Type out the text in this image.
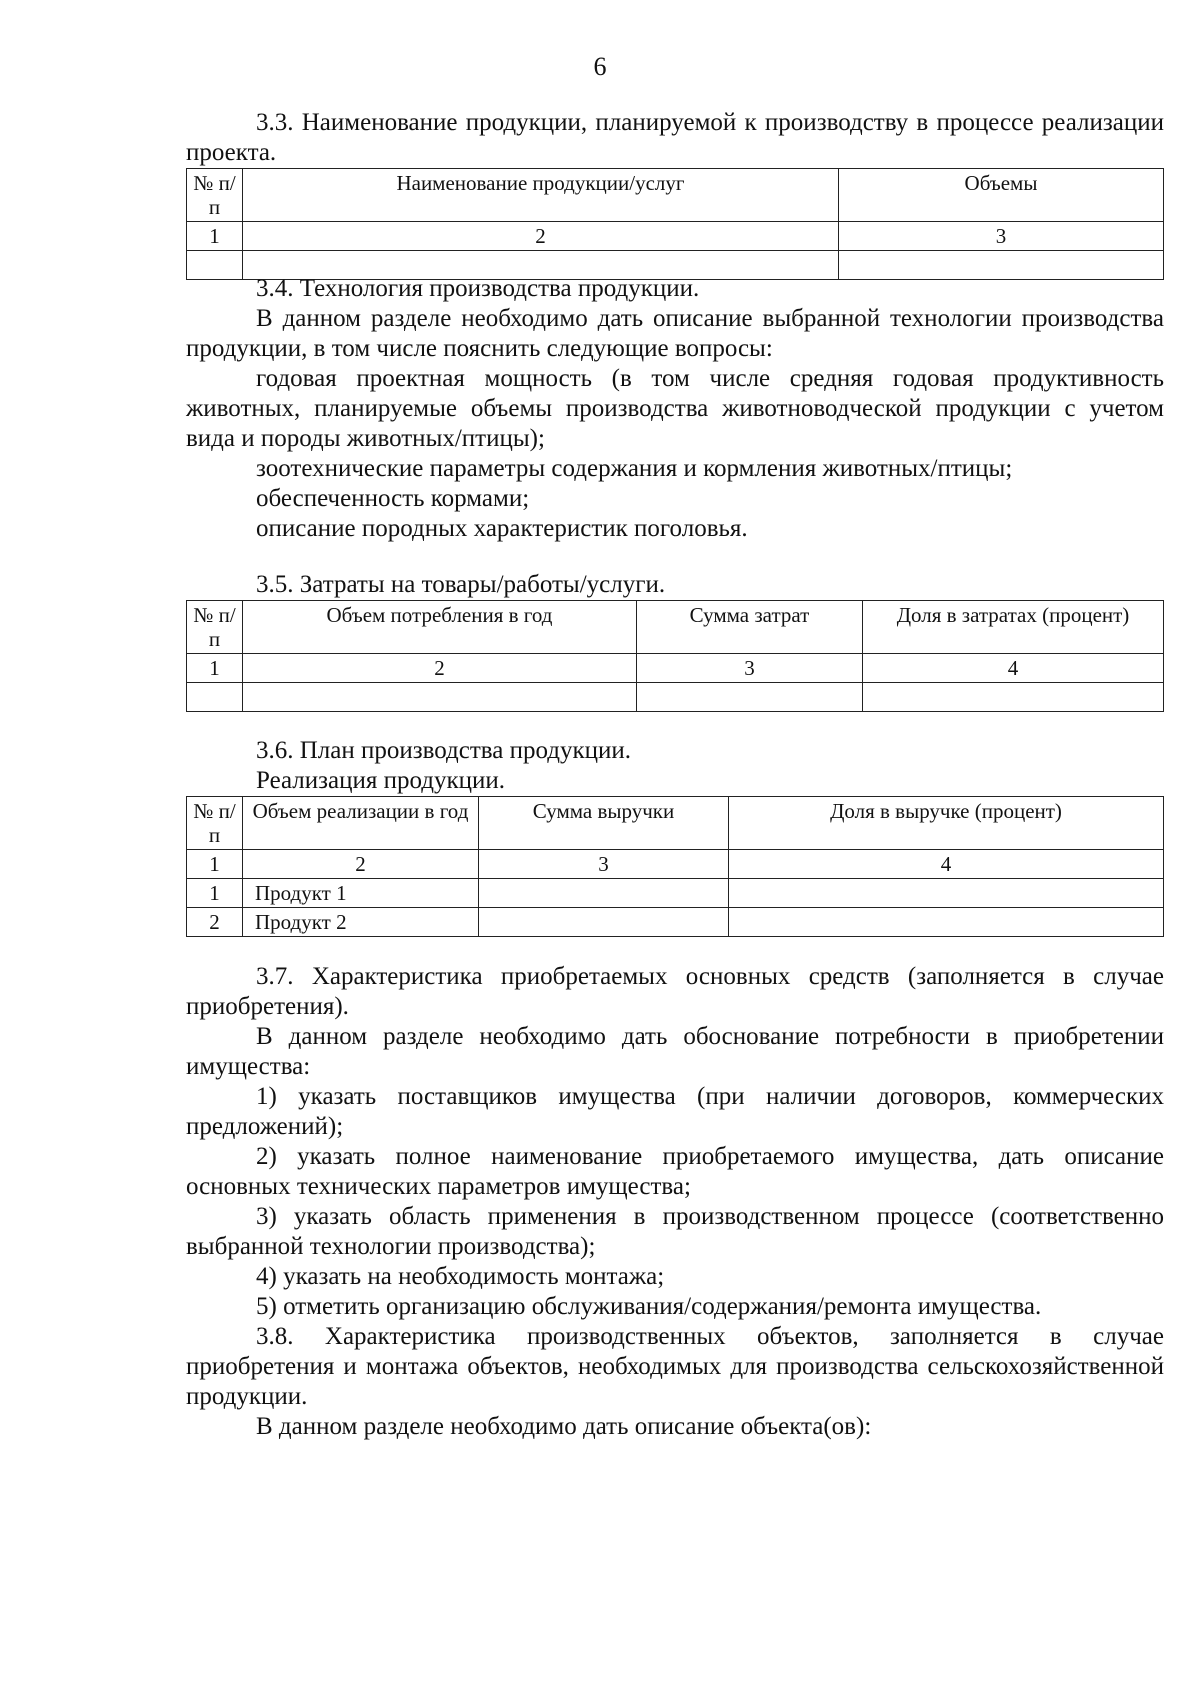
6

3.3. Наименование продукции, планируемой к производству в процессе реализации проекта.

№ п/п	Наименование продукции/услуг	Объемы
1	2	3

3.4. Технология производства продукции.

В данном разделе необходимо дать описание выбранной технологии производства продукции, в том числе пояснить следующие вопросы:

годовая проектная мощность (в том числе средняя годовая продуктивность животных, планируемые объемы производства животноводческой продукции с учетом вида и породы животных/птицы);

зоотехнические параметры содержания и кормления животных/птицы;

обеспеченность кормами;

описание породных характеристик поголовья.

3.5. Затраты на товары/работы/услуги.

№ п/п	Объем потребления в год	Сумма затрат	Доля в затратах (процент)
1	2	3	4

3.6. План производства продукции.

Реализация продукции.

№ п/п	Объем реализации в год	Сумма выручки	Доля в выручке (процент)
1	2	3	4
1	Продукт 1		
2	Продукт 2		

3.7. Характеристика приобретаемых основных средств (заполняется в случае приобретения).

В данном разделе необходимо дать обоснование потребности в приобретении имущества:

1) указать поставщиков имущества (при наличии договоров, коммерческих предложений);

2) указать полное наименование приобретаемого имущества, дать описание основных технических параметров имущества;

3) указать область применения в производственном процессе (соответственно выбранной технологии производства);

4) указать на необходимость монтажа;

5) отметить организацию обслуживания/содержания/ремонта имущества.

3.8. Характеристика производственных объектов, заполняется в случае приобретения и монтажа объектов, необходимых для производства сельскохозяйственной продукции.

В данном разделе необходимо дать описание объекта(ов):
